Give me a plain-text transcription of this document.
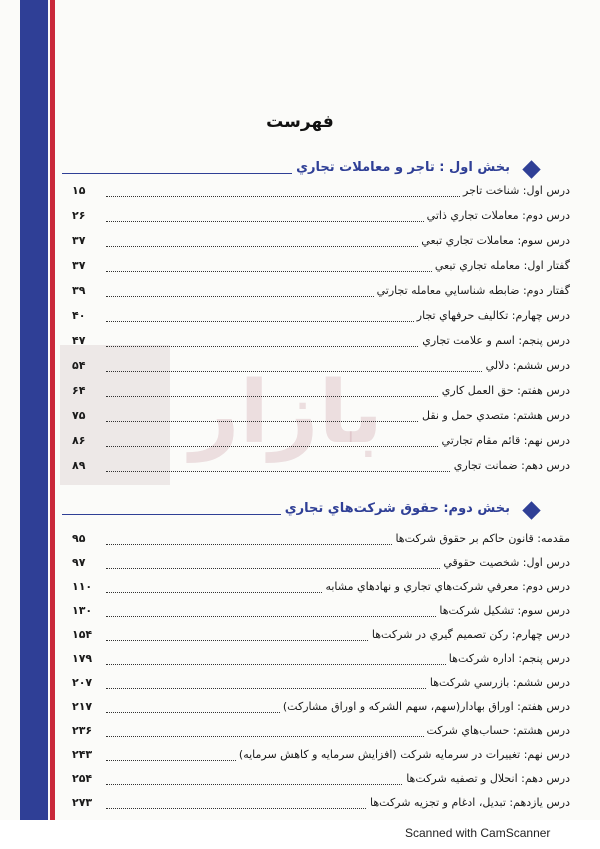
بازار
فهرست
بخش اول : تاجر و معاملات تجاري
درس اول: شناخت تاجر
۱۵
درس دوم: معاملات تجاري ذاتي
۲۶
درس سوم: معاملات تجاري تبعي
۳۷
گفتار اول: معامله تجاري تبعي
۳۷
گفتار دوم: ضابطه شناسايي معامله تجارتي
۳۹
درس چهارم: تكاليف حرفهاي تجار
۴۰
درس پنجم: اسم و علامت تجاري
۴۷
درس ششم: دلالي
۵۴
درس هفتم: حق العمل كاري
۶۴
درس هشتم: متصدي حمل و نقل
۷۵
درس نهم: قائم مقام تجارتي
۸۶
درس دهم: ضمانت تجاري
۸۹
بخش دوم: حقوق شركت‌هاي تجاري
مقدمه: قانون حاكم بر حقوق شركت‌ها
۹۵
درس اول: شخصيت حقوقي
۹۷
درس دوم: معرفي شركت‌هاي تجاري و نهادهاي مشابه
۱۱۰
درس سوم: تشكيل شركت‌ها
۱۳۰
درس چهارم: ركن تصميم گيري در شركت‌ها
۱۵۴
درس پنجم: اداره شركت‌ها
۱۷۹
درس ششم: بازرسي شركت‌ها
۲۰۷
درس هفتم: اوراق بهادار(سهم، سهم الشركه و اوراق مشاركت)
۲۱۷
درس هشتم: حساب‌هاي شركت
۲۳۶
درس نهم: تغييرات در سرمايه شركت (افزايش سرمايه و كاهش سرمايه)
۲۴۳
درس دهم: انحلال و تصفيه شركت‌ها
۲۵۴
درس يازدهم: تبديل، ادغام و تجزيه شركت‌ها
۲۷۳
Scanned with CamScanner
